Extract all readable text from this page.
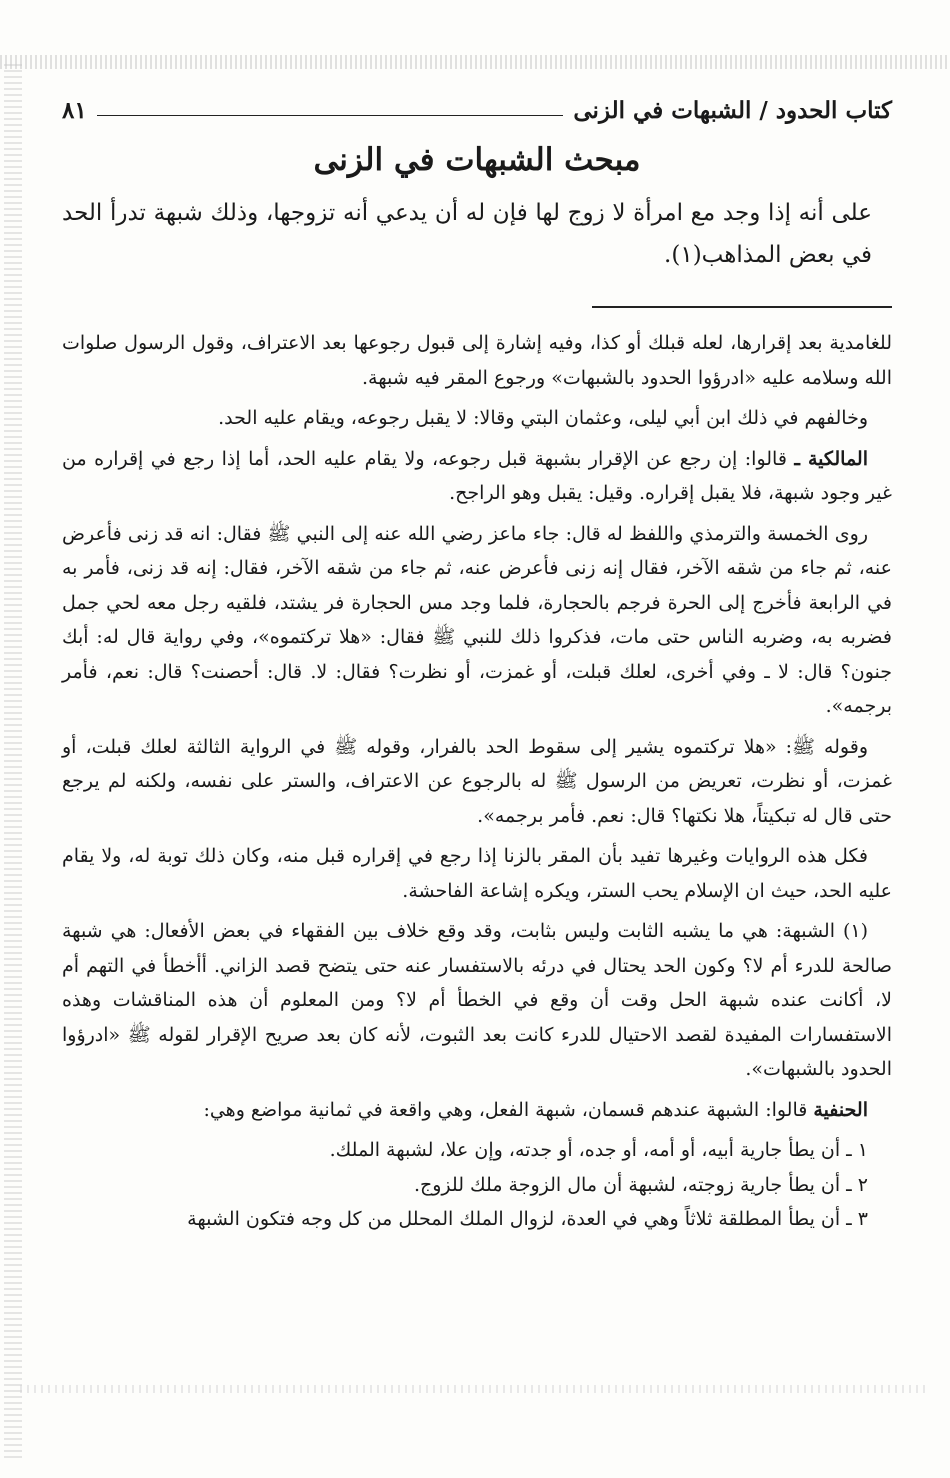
كتاب الحدود / الشبهات في الزنى
٨١
مبحث الشبهات في الزنى

على أنه إذا وجد مع امرأة لا زوج لها فإن له أن يدعي أنه تزوجها، وذلك شبهة تدرأ الحد في بعض المذاهب(١).

للغامدية بعد إقرارها، لعله قبلك أو كذا، وفيه إشارة إلى قبول رجوعها بعد الاعتراف، وقول الرسول صلوات الله وسلامه عليه «ادرؤوا الحدود بالشبهات» ورجوع المقر فيه شبهة.

وخالفهم في ذلك ابن أبي ليلى، وعثمان البتي وقالا: لا يقبل رجوعه، ويقام عليه الحد.

المالكية ـ قالوا: إن رجع عن الإقرار بشبهة قبل رجوعه، ولا يقام عليه الحد، أما إذا رجع في إقراره من غير وجود شبهة، فلا يقبل إقراره. وقيل: يقبل وهو الراجح.

روى الخمسة والترمذي واللفظ له قال: جاء ماعز رضي الله عنه إلى النبي ﷺ فقال: انه قد زنى فأعرض عنه، ثم جاء من شقه الآخر، فقال إنه زنى فأعرض عنه، ثم جاء من شقه الآخر، فقال: إنه قد زنى، فأمر به في الرابعة فأخرج إلى الحرة فرجم بالحجارة، فلما وجد مس الحجارة فر يشتد، فلقيه رجل معه لحي جمل فضربه به، وضربه الناس حتى مات، فذكروا ذلك للنبي ﷺ فقال: «هلا تركتموه»، وفي رواية قال له: أبك جنون؟ قال: لا ـ وفي أخرى، لعلك قبلت، أو غمزت، أو نظرت؟ فقال: لا. قال: أحصنت؟ قال: نعم، فأمر برجمه».

وقوله ﷺ: «هلا تركتموه يشير إلى سقوط الحد بالفرار، وقوله ﷺ في الرواية الثالثة لعلك قبلت، أو غمزت، أو نظرت، تعريض من الرسول ﷺ له بالرجوع عن الاعتراف، والستر على نفسه، ولكنه لم يرجع حتى قال له تبكيتاً، هلا نكتها؟ قال: نعم. فأمر برجمه».

فكل هذه الروايات وغيرها تفيد بأن المقر بالزنا إذا رجع في إقراره قبل منه، وكان ذلك توبة له، ولا يقام عليه الحد، حيث ان الإسلام يحب الستر، ويكره إشاعة الفاحشة.

(١) الشبهة: هي ما يشبه الثابت وليس بثابت، وقد وقع خلاف بين الفقهاء في بعض الأفعال: هي شبهة صالحة للدرء أم لا؟ وكون الحد يحتال في درئه بالاستفسار عنه حتى يتضح قصد الزاني. أأخطأ في التهم أم لا، أكانت عنده شبهة الحل وقت أن وقع في الخطأ أم لا؟ ومن المعلوم أن هذه المناقشات وهذه الاستفسارات المفيدة لقصد الاحتيال للدرء كانت بعد الثبوت، لأنه كان بعد صريح الإقرار لقوله ﷺ «ادرؤوا الحدود بالشبهات».

الحنفية قالوا: الشبهة عندهم قسمان، شبهة الفعل، وهي واقعة في ثمانية مواضع وهي:

١ ـ أن يطأ جارية أبيه، أو أمه، أو جده، أو جدته، وإن علا، لشبهة الملك.

٢ ـ أن يطأ جارية زوجته، لشبهة أن مال الزوجة ملك للزوج.

٣ ـ أن يطأ المطلقة ثلاثاً وهي في العدة، لزوال الملك المحلل من كل وجه فتكون الشبهة
